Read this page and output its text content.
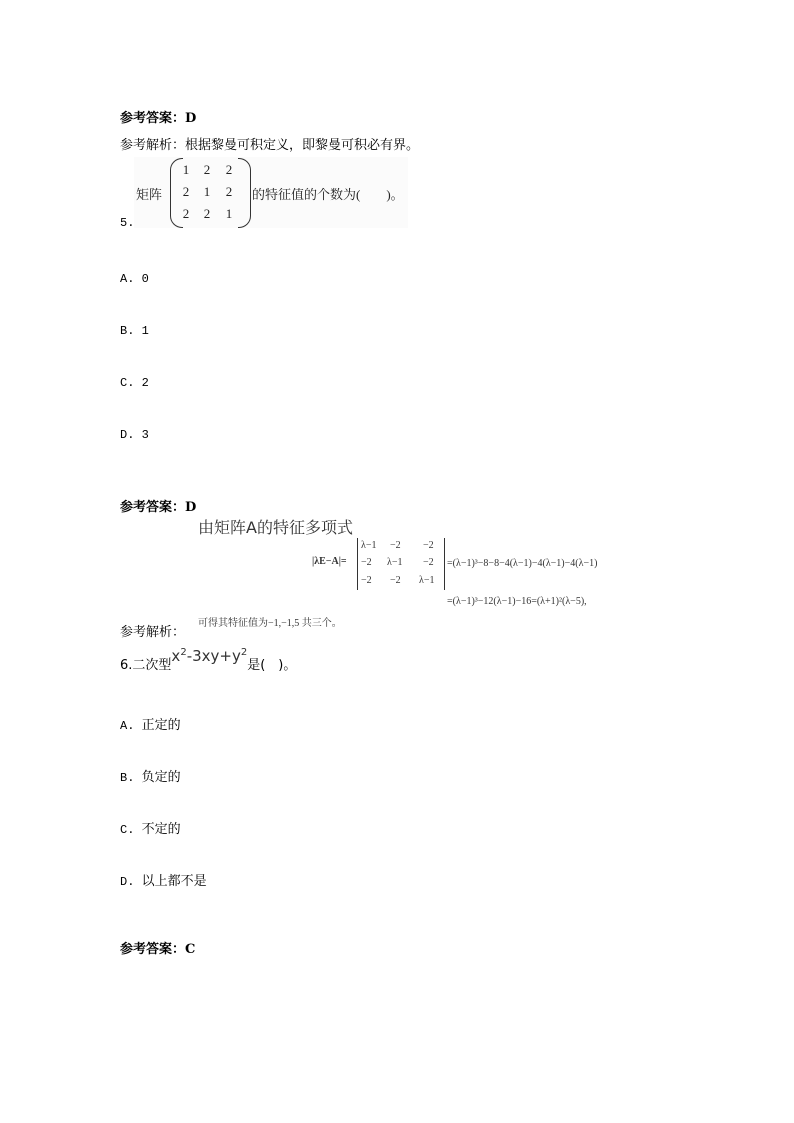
参考答案：D
参考解析：根据黎曼可积定义，即黎曼可积必有界。
5.
矩阵
1	2	2
2	1	2
2	2	1
的特征值的个数为(　　)。
A. 0
B. 1
C. 2
D. 3
参考答案：D
由矩阵A的特征多项式
|λE−A|=
λ−1 −2 −2
−2 λ−1 −2
−2 −2 λ−1
=(λ−1)³−8−8−4(λ−1)−4(λ−1)−4(λ−1)
=(λ−1)³−12(λ−1)−16=(λ+1)²(λ−5),
可得其特征值为−1,−1,5 共三个。
参考解析：
6.二次型$x^2-3xy+y^2$是(　)。
A. 正定的
B. 负定的
C. 不定的
D. 以上都不是
参考答案：C
